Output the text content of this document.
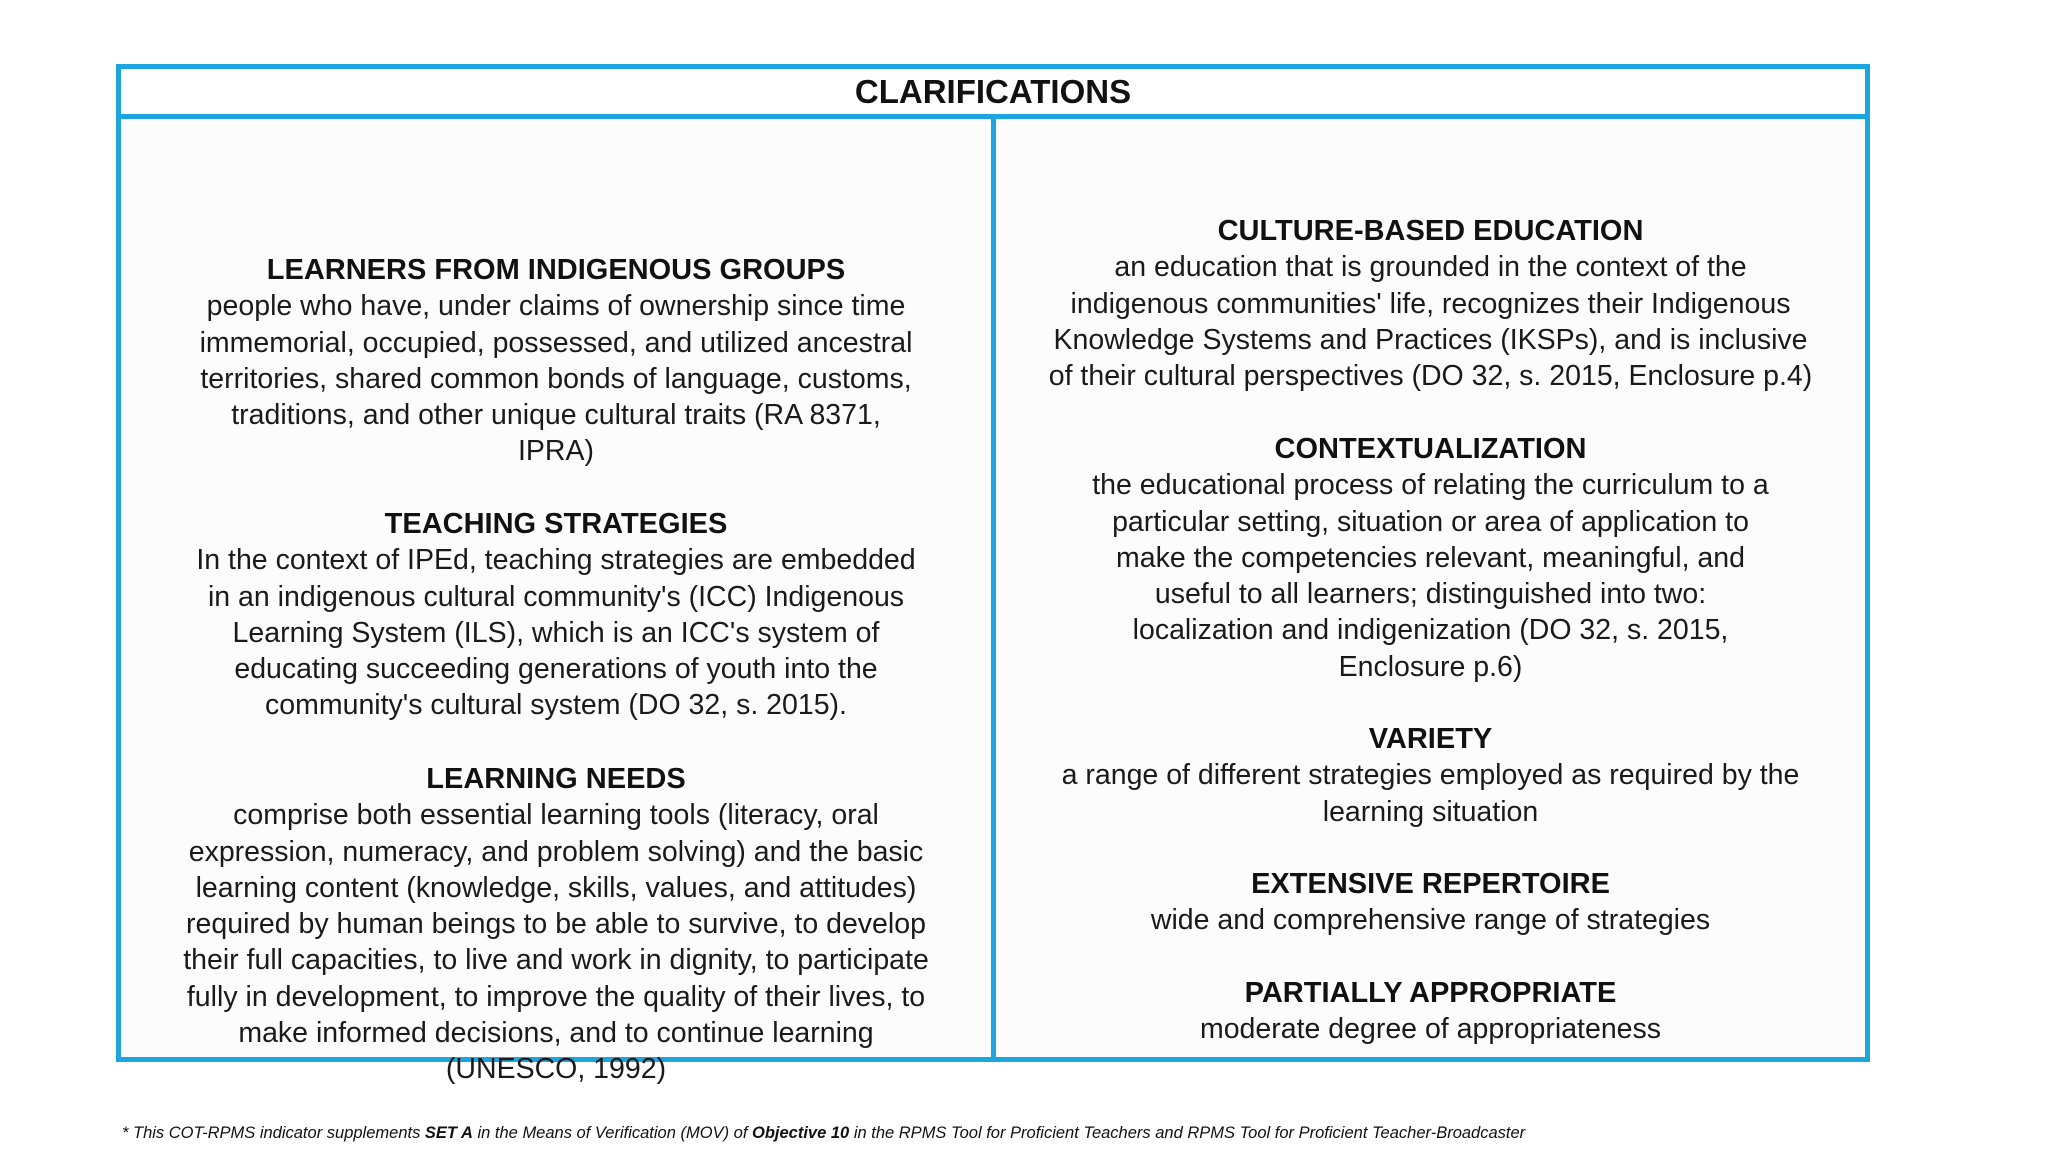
CLARIFICATIONS
LEARNERS FROM INDIGENOUS GROUPS
people who have, under claims of ownership since time
immemorial, occupied, possessed, and utilized ancestral
territories, shared common bonds of language, customs,
traditions, and other unique cultural traits (RA 8371,
IPRA)
TEACHING STRATEGIES
In the context of IPEd, teaching strategies are embedded
in an indigenous cultural community's (ICC) Indigenous
Learning System (ILS), which is an ICC's system of
educating succeeding generations of youth into the
community's cultural system (DO 32, s. 2015).
LEARNING NEEDS
comprise both essential learning tools (literacy, oral
expression, numeracy, and problem solving) and the basic
learning content (knowledge, skills, values, and attitudes)
required by human beings to be able to survive, to develop
their full capacities, to live and work in dignity, to participate
fully in development, to improve the quality of their lives, to
make informed decisions, and to continue learning
(UNESCO, 1992)
CULTURE-BASED EDUCATION
an education that is grounded in the context of the
indigenous communities' life, recognizes their Indigenous
Knowledge Systems and Practices (IKSPs), and is inclusive
of their cultural perspectives (DO 32, s. 2015, Enclosure p.4)
CONTEXTUALIZATION
the educational process of relating the curriculum to a
particular setting, situation or area of application to
make the competencies relevant, meaningful, and
useful to all learners; distinguished into two:
localization and indigenization (DO 32, s. 2015,
Enclosure p.6)
VARIETY
a range of different strategies employed as required by the
learning situation
EXTENSIVE REPERTOIRE
wide and comprehensive range of strategies
PARTIALLY APPROPRIATE
moderate degree of appropriateness
* This COT-RPMS indicator supplements SET A in the Means of Verification (MOV) of Objective 10 in the RPMS Tool for Proficient Teachers and RPMS Tool for Proficient Teacher-Broadcaster
